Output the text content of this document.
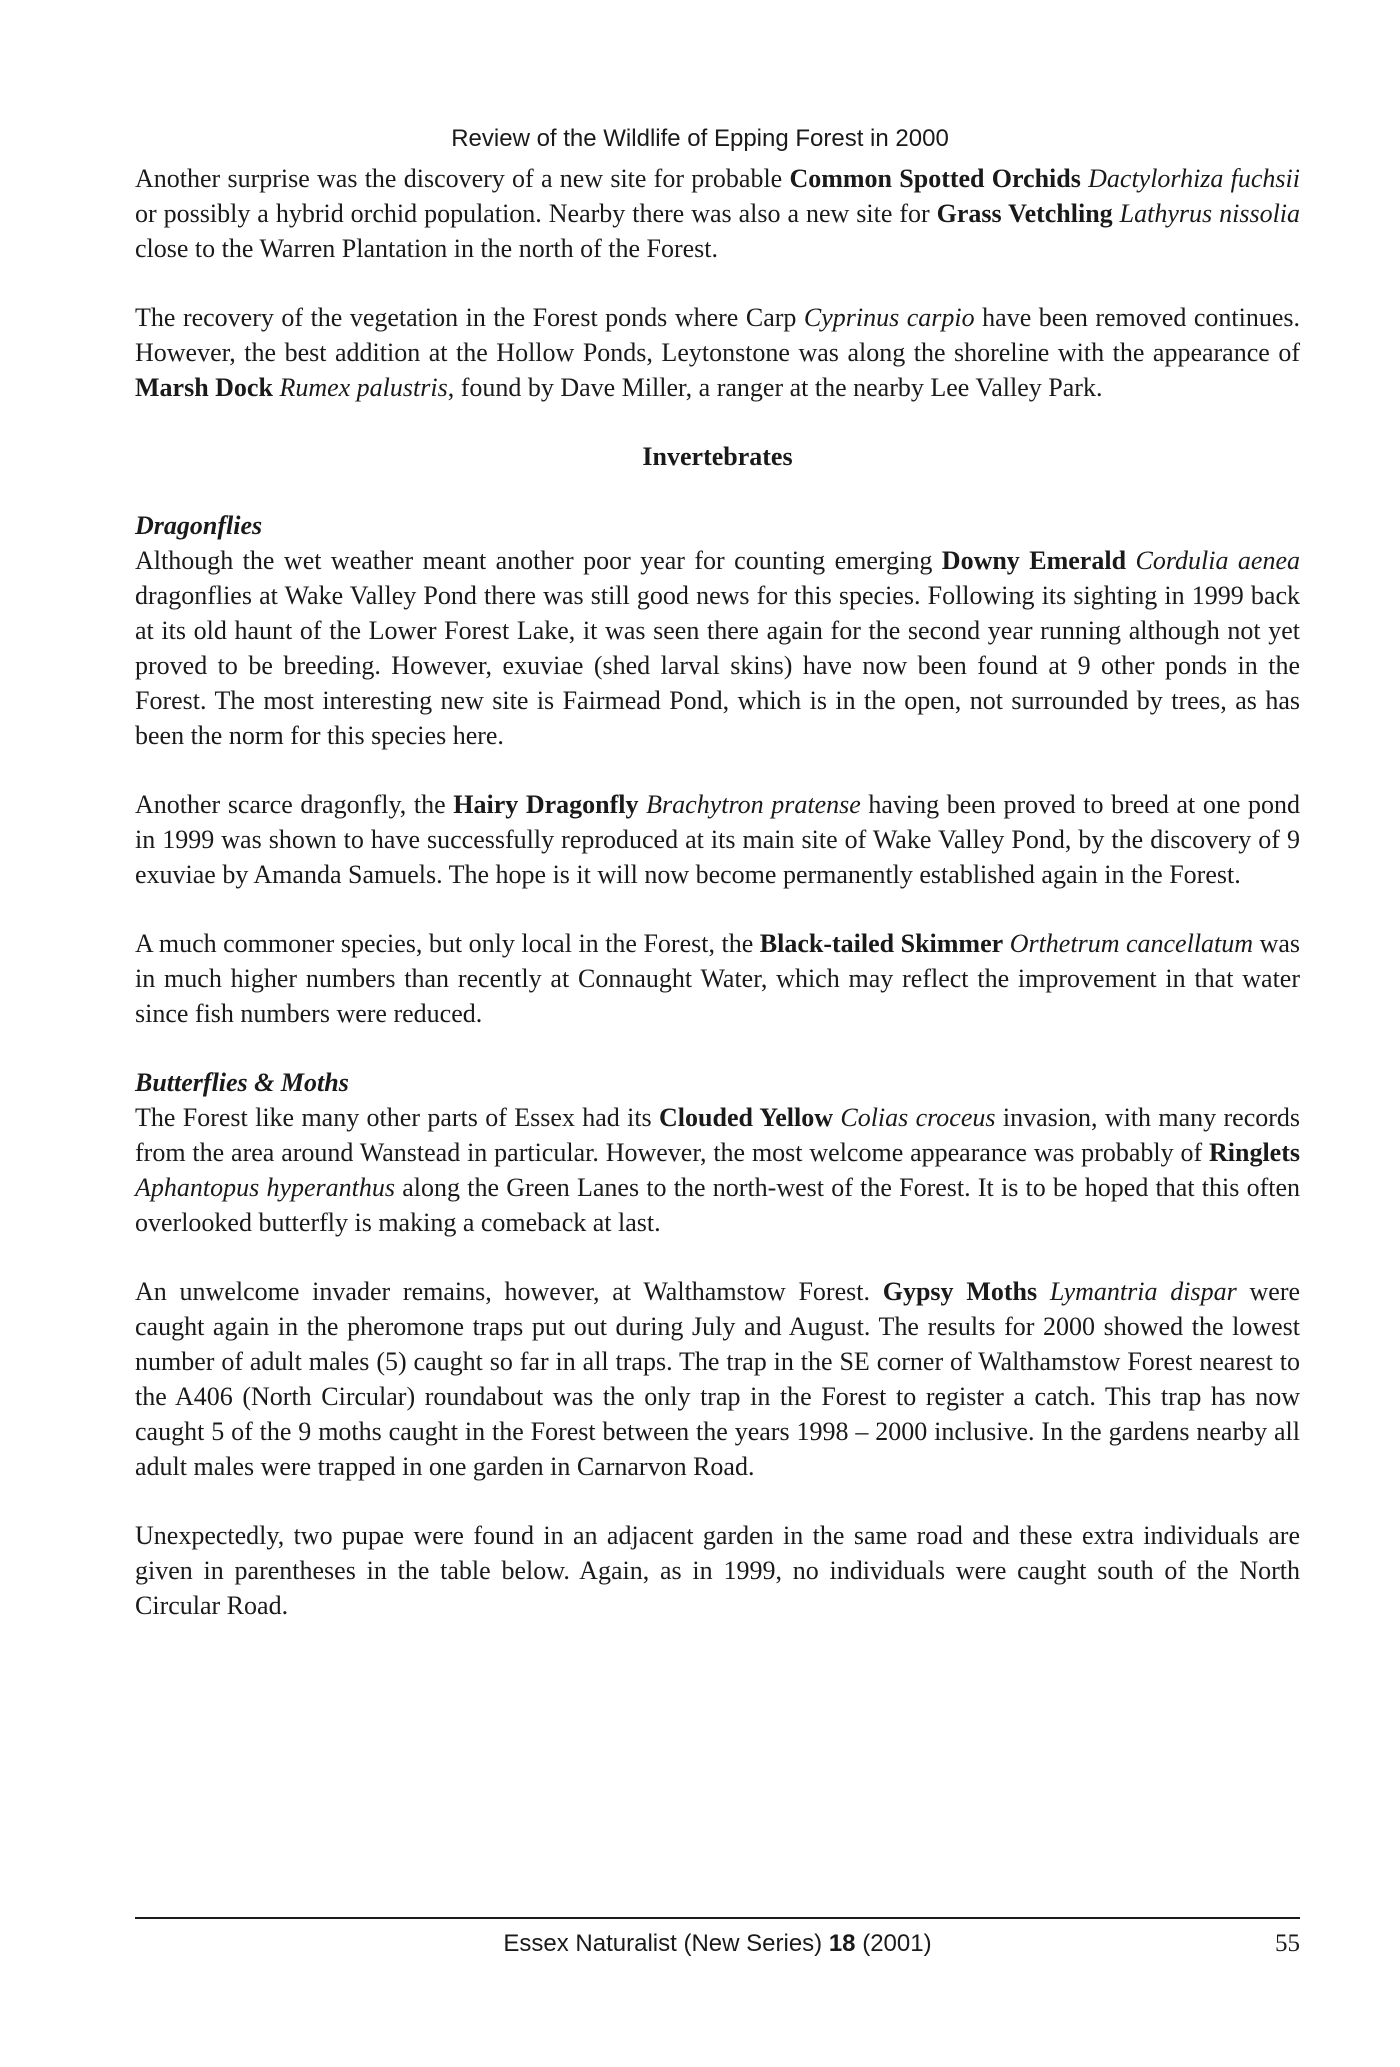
Review of the Wildlife of Epping Forest in 2000

Another surprise was the discovery of a new site for probable Common Spotted Orchids Dactylorhiza fuchsii or possibly a hybrid orchid population. Nearby there was also a new site for Grass Vetchling Lathyrus nissolia close to the Warren Plantation in the north of the Forest.

The recovery of the vegetation in the Forest ponds where Carp Cyprinus carpio have been removed continues. However, the best addition at the Hollow Ponds, Leytonstone was along the shoreline with the appearance of Marsh Dock Rumex palustris, found by Dave Miller, a ranger at the nearby Lee Valley Park.

Invertebrates
Dragonflies

Although the wet weather meant another poor year for counting emerging Downy Emerald Cordulia aenea dragonflies at Wake Valley Pond there was still good news for this species. Following its sighting in 1999 back at its old haunt of the Lower Forest Lake, it was seen there again for the second year running although not yet proved to be breeding. However, exuviae (shed larval skins) have now been found at 9 other ponds in the Forest. The most interesting new site is Fairmead Pond, which is in the open, not surrounded by trees, as has been the norm for this species here.

Another scarce dragonfly, the Hairy Dragonfly Brachytron pratense having been proved to breed at one pond in 1999 was shown to have successfully reproduced at its main site of Wake Valley Pond, by the discovery of 9 exuviae by Amanda Samuels. The hope is it will now become permanently established again in the Forest.

A much commoner species, but only local in the Forest, the Black-tailed Skimmer Orthetrum cancellatum was in much higher numbers than recently at Connaught Water, which may reflect the improvement in that water since fish numbers were reduced.

Butterflies & Moths

The Forest like many other parts of Essex had its Clouded Yellow Colias croceus invasion, with many records from the area around Wanstead in particular. However, the most welcome appearance was probably of Ringlets Aphantopus hyperanthus along the Green Lanes to the north-west of the Forest. It is to be hoped that this often overlooked butterfly is making a comeback at last.

An unwelcome invader remains, however, at Walthamstow Forest. Gypsy Moths Lymantria dispar were caught again in the pheromone traps put out during July and August. The results for 2000 showed the lowest number of adult males (5) caught so far in all traps. The trap in the SE corner of Walthamstow Forest nearest to the A406 (North Circular) roundabout was the only trap in the Forest to register a catch. This trap has now caught 5 of the 9 moths caught in the Forest between the years 1998 – 2000 inclusive. In the gardens nearby all adult males were trapped in one garden in Carnarvon Road.

Unexpectedly, two pupae were found in an adjacent garden in the same road and these extra individuals are given in parentheses in the table below. Again, as in 1999, no individuals were caught south of the North Circular Road.

Essex Naturalist (New Series) 18 (2001)	55
